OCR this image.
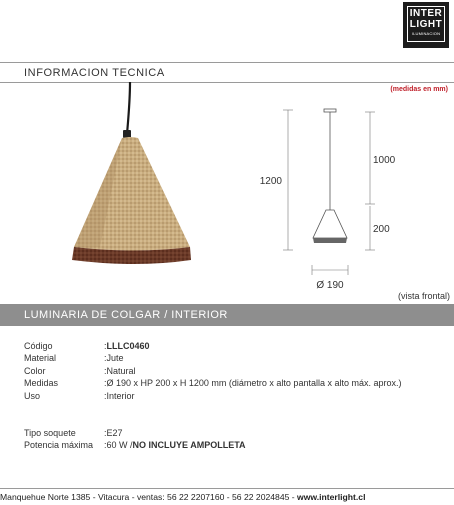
INTER
LIGHT
ILUMINACION
INFORMACION TECNICA
(medidas en mm)
1200
1000
200
Ø 190
(vista frontal)
LUMINARIA DE COLGAR / INTERIOR
Código	:LLLC0460
Material	:Jute
Color	:Natural
Medidas	:Ø 190 x HP 200 x H 1200 mm (diámetro x alto pantalla x alto máx. aprox.)
Uso	:Interior
Tipo soquete	:E27
Potencia máxima :60 W /NO INCLUYE AMPOLLETA
Manquehue Norte 1385 - Vitacura - ventas: 56 22 2207160 - 56 22 2024845 - www.interlight.cl
